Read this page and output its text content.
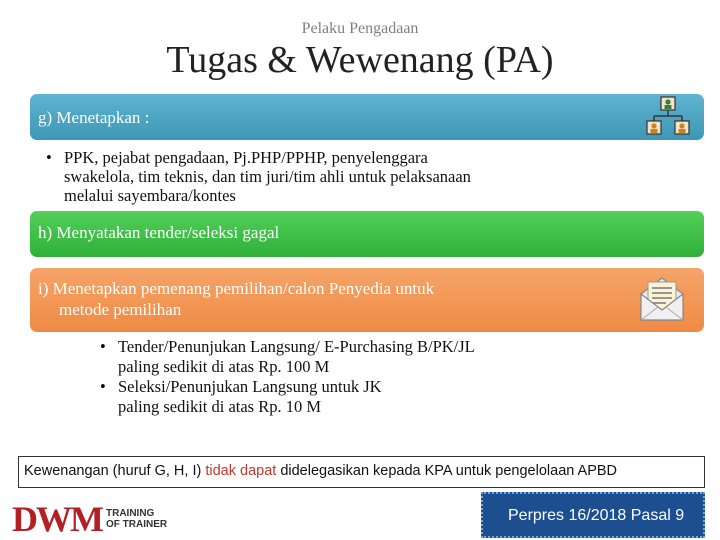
Pelaku Pengadaan
Tugas & Wewenang (PA)
g) Menetapkan :
• PPK, pejabat pengadaan, Pj.PHP/PPHP, penyelenggara
swakelola, tim teknis, dan tim juri/tim ahli untuk pelaksanaan
melalui sayembara/kontes
h) Menyatakan tender/seleksi gagal
i) Menetapkan pemenang pemilihan/calon Penyedia untuk
metode pemilihan
• Tender/Penunjukan Langsung/ E-Purchasing B/PK/JL
paling sedikit di atas Rp. 100 M
• Seleksi/Penunjukan Langsung untuk JK
paling sedikit di atas Rp. 10 M
Kewenangan (huruf G, H, I) tidak dapat didelegasikan kepada KPA untuk pengelolaan APBD
DWM TRAINING
OF TRAINER
Perpres 16/2018 Pasal 9
